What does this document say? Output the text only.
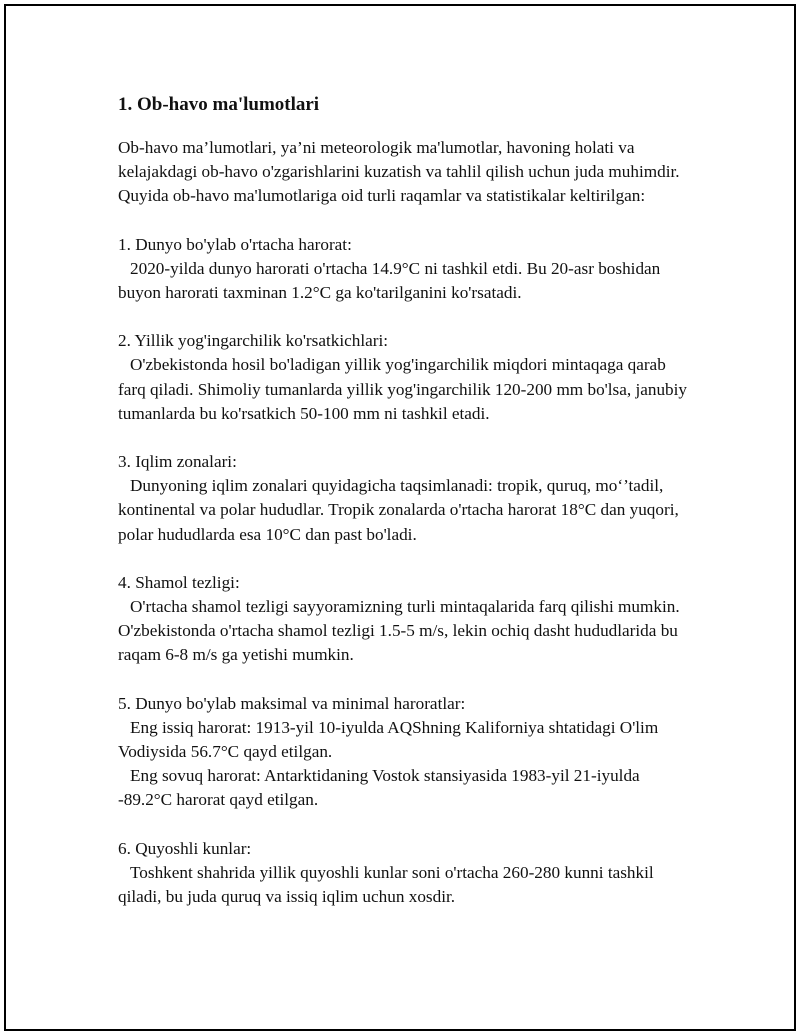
1. Ob-havo ma'lumotlari

Ob-havo ma’lumotlari, ya’ni meteorologik ma'lumotlar, havoning holati va kelajakdagi ob-havo o'zgarishlarini kuzatish va tahlil qilish uchun juda muhimdir. Quyida ob-havo ma'lumotlariga oid turli raqamlar va statistikalar keltirilgan:

1. Dunyo bo'ylab o'rtacha harorat:

2020-yilda dunyo harorati o'rtacha 14.9°C ni tashkil etdi. Bu 20-asr boshidan buyon harorati taxminan 1.2°C ga ko'tarilganini ko'rsatadi.

2. Yillik yog'ingarchilik ko'rsatkichlari:

O'zbekistonda hosil bo'ladigan yillik yog'ingarchilik miqdori mintaqaga qarab farq qiladi. Shimoliy tumanlarda yillik yog'ingarchilik 120-200 mm bo'lsa, janubiy tumanlarda bu ko'rsatkich 50-100 mm ni tashkil etadi.

3. Iqlim zonalari:

Dunyoning iqlim zonalari quyidagicha taqsimlanadi: tropik, quruq, mo‘’tadil, kontinental va polar hududlar. Tropik zonalarda o'rtacha harorat 18°C dan yuqori, polar hududlarda esa 10°C dan past bo'ladi.

4. Shamol tezligi:

O'rtacha shamol tezligi sayyoramizning turli mintaqalarida farq qilishi mumkin. O'zbekistonda o'rtacha shamol tezligi 1.5-5 m/s, lekin ochiq dasht hududlarida bu raqam 6-8 m/s ga yetishi mumkin.

5. Dunyo bo'ylab maksimal va minimal haroratlar:

Eng issiq harorat: 1913-yil 10-iyulda AQShning Kaliforniya shtatidagi O'lim Vodiysida 56.7°C qayd etilgan.

Eng sovuq harorat: Antarktidaning Vostok stansiyasida 1983-yil 21-iyulda -89.2°C harorat qayd etilgan.

6. Quyoshli kunlar:

Toshkent shahrida yillik quyoshli kunlar soni o'rtacha 260-280 kunni tashkil qiladi, bu juda quruq va issiq iqlim uchun xosdir.
